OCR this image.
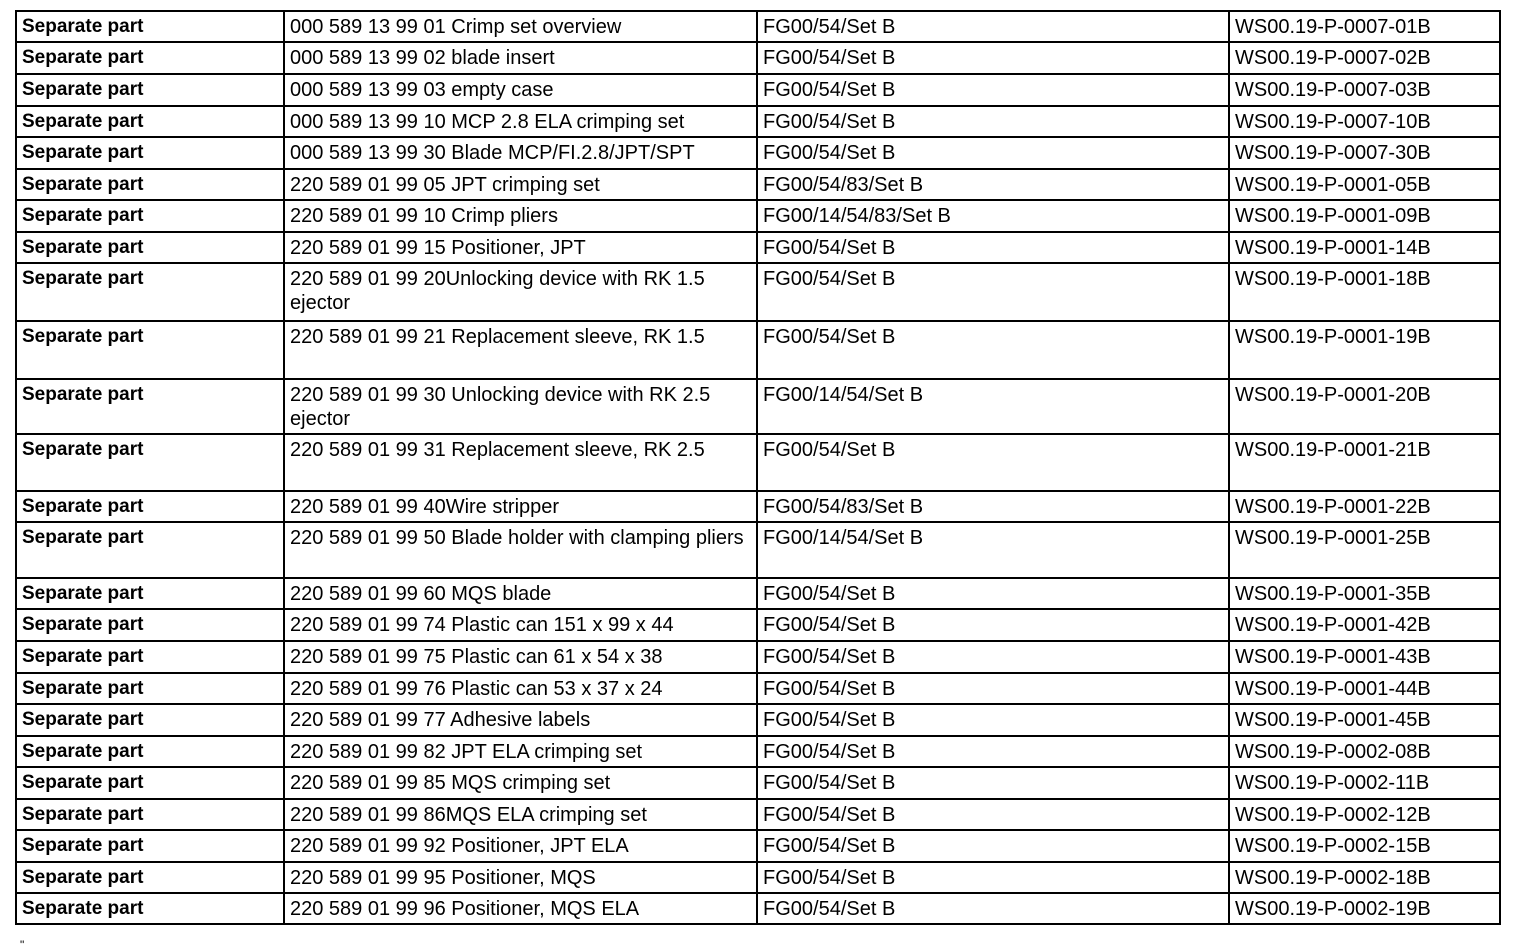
Separate part	000 589 13 99 01 Crimp set overview	FG00/54/Set B	WS00.19-P-0007-01B
Separate part	000 589 13 99 02 blade insert	FG00/54/Set B	WS00.19-P-0007-02B
Separate part	000 589 13 99 03 empty case	FG00/54/Set B	WS00.19-P-0007-03B
Separate part	000 589 13 99 10 MCP 2.8 ELA crimping set	FG00/54/Set B	WS00.19-P-0007-10B
Separate part	000 589 13 99 30 Blade MCP/FI.2.8/JPT/SPT	FG00/54/Set B	WS00.19-P-0007-30B
Separate part	220 589 01 99 05 JPT crimping set	FG00/54/83/Set B	WS00.19-P-0001-05B
Separate part	220 589 01 99 10 Crimp pliers	FG00/14/54/83/Set B	WS00.19-P-0001-09B
Separate part	220 589 01 99 15 Positioner, JPT	FG00/54/Set B	WS00.19-P-0001-14B
Separate part	220 589 01 99 20Unlocking device with RK 1.5 ejector	FG00/54/Set B	WS00.19-P-0001-18B
Separate part	220 589 01 99 21 Replacement sleeve, RK 1.5	FG00/54/Set B	WS00.19-P-0001-19B
Separate part	220 589 01 99 30 Unlocking device with RK 2.5 ejector	FG00/14/54/Set B	WS00.19-P-0001-20B
Separate part	220 589 01 99 31 Replacement sleeve, RK 2.5	FG00/54/Set B	WS00.19-P-0001-21B
Separate part	220 589 01 99 40Wire stripper	FG00/54/83/Set B	WS00.19-P-0001-22B
Separate part	220 589 01 99 50 Blade holder with clamping pliers	FG00/14/54/Set B	WS00.19-P-0001-25B
Separate part	220 589 01 99 60 MQS blade	FG00/54/Set B	WS00.19-P-0001-35B
Separate part	220 589 01 99 74 Plastic can 151 x 99 x 44	FG00/54/Set B	WS00.19-P-0001-42B
Separate part	220 589 01 99 75 Plastic can 61 x 54 x 38	FG00/54/Set B	WS00.19-P-0001-43B
Separate part	220 589 01 99 76 Plastic can 53 x 37 x 24	FG00/54/Set B	WS00.19-P-0001-44B
Separate part	220 589 01 99 77 Adhesive labels	FG00/54/Set B	WS00.19-P-0001-45B
Separate part	220 589 01 99 82 JPT ELA crimping set	FG00/54/Set B	WS00.19-P-0002-08B
Separate part	220 589 01 99 85 MQS crimping set	FG00/54/Set B	WS00.19-P-0002-11B
Separate part	220 589 01 99 86MQS ELA crimping set	FG00/54/Set B	WS00.19-P-0002-12B
Separate part	220 589 01 99 92 Positioner, JPT ELA	FG00/54/Set B	WS00.19-P-0002-15B
Separate part	220 589 01 99 95 Positioner, MQS	FG00/54/Set B	WS00.19-P-0002-18B
Separate part	220 589 01 99 96 Positioner, MQS ELA	FG00/54/Set B	WS00.19-P-0002-19B
"
